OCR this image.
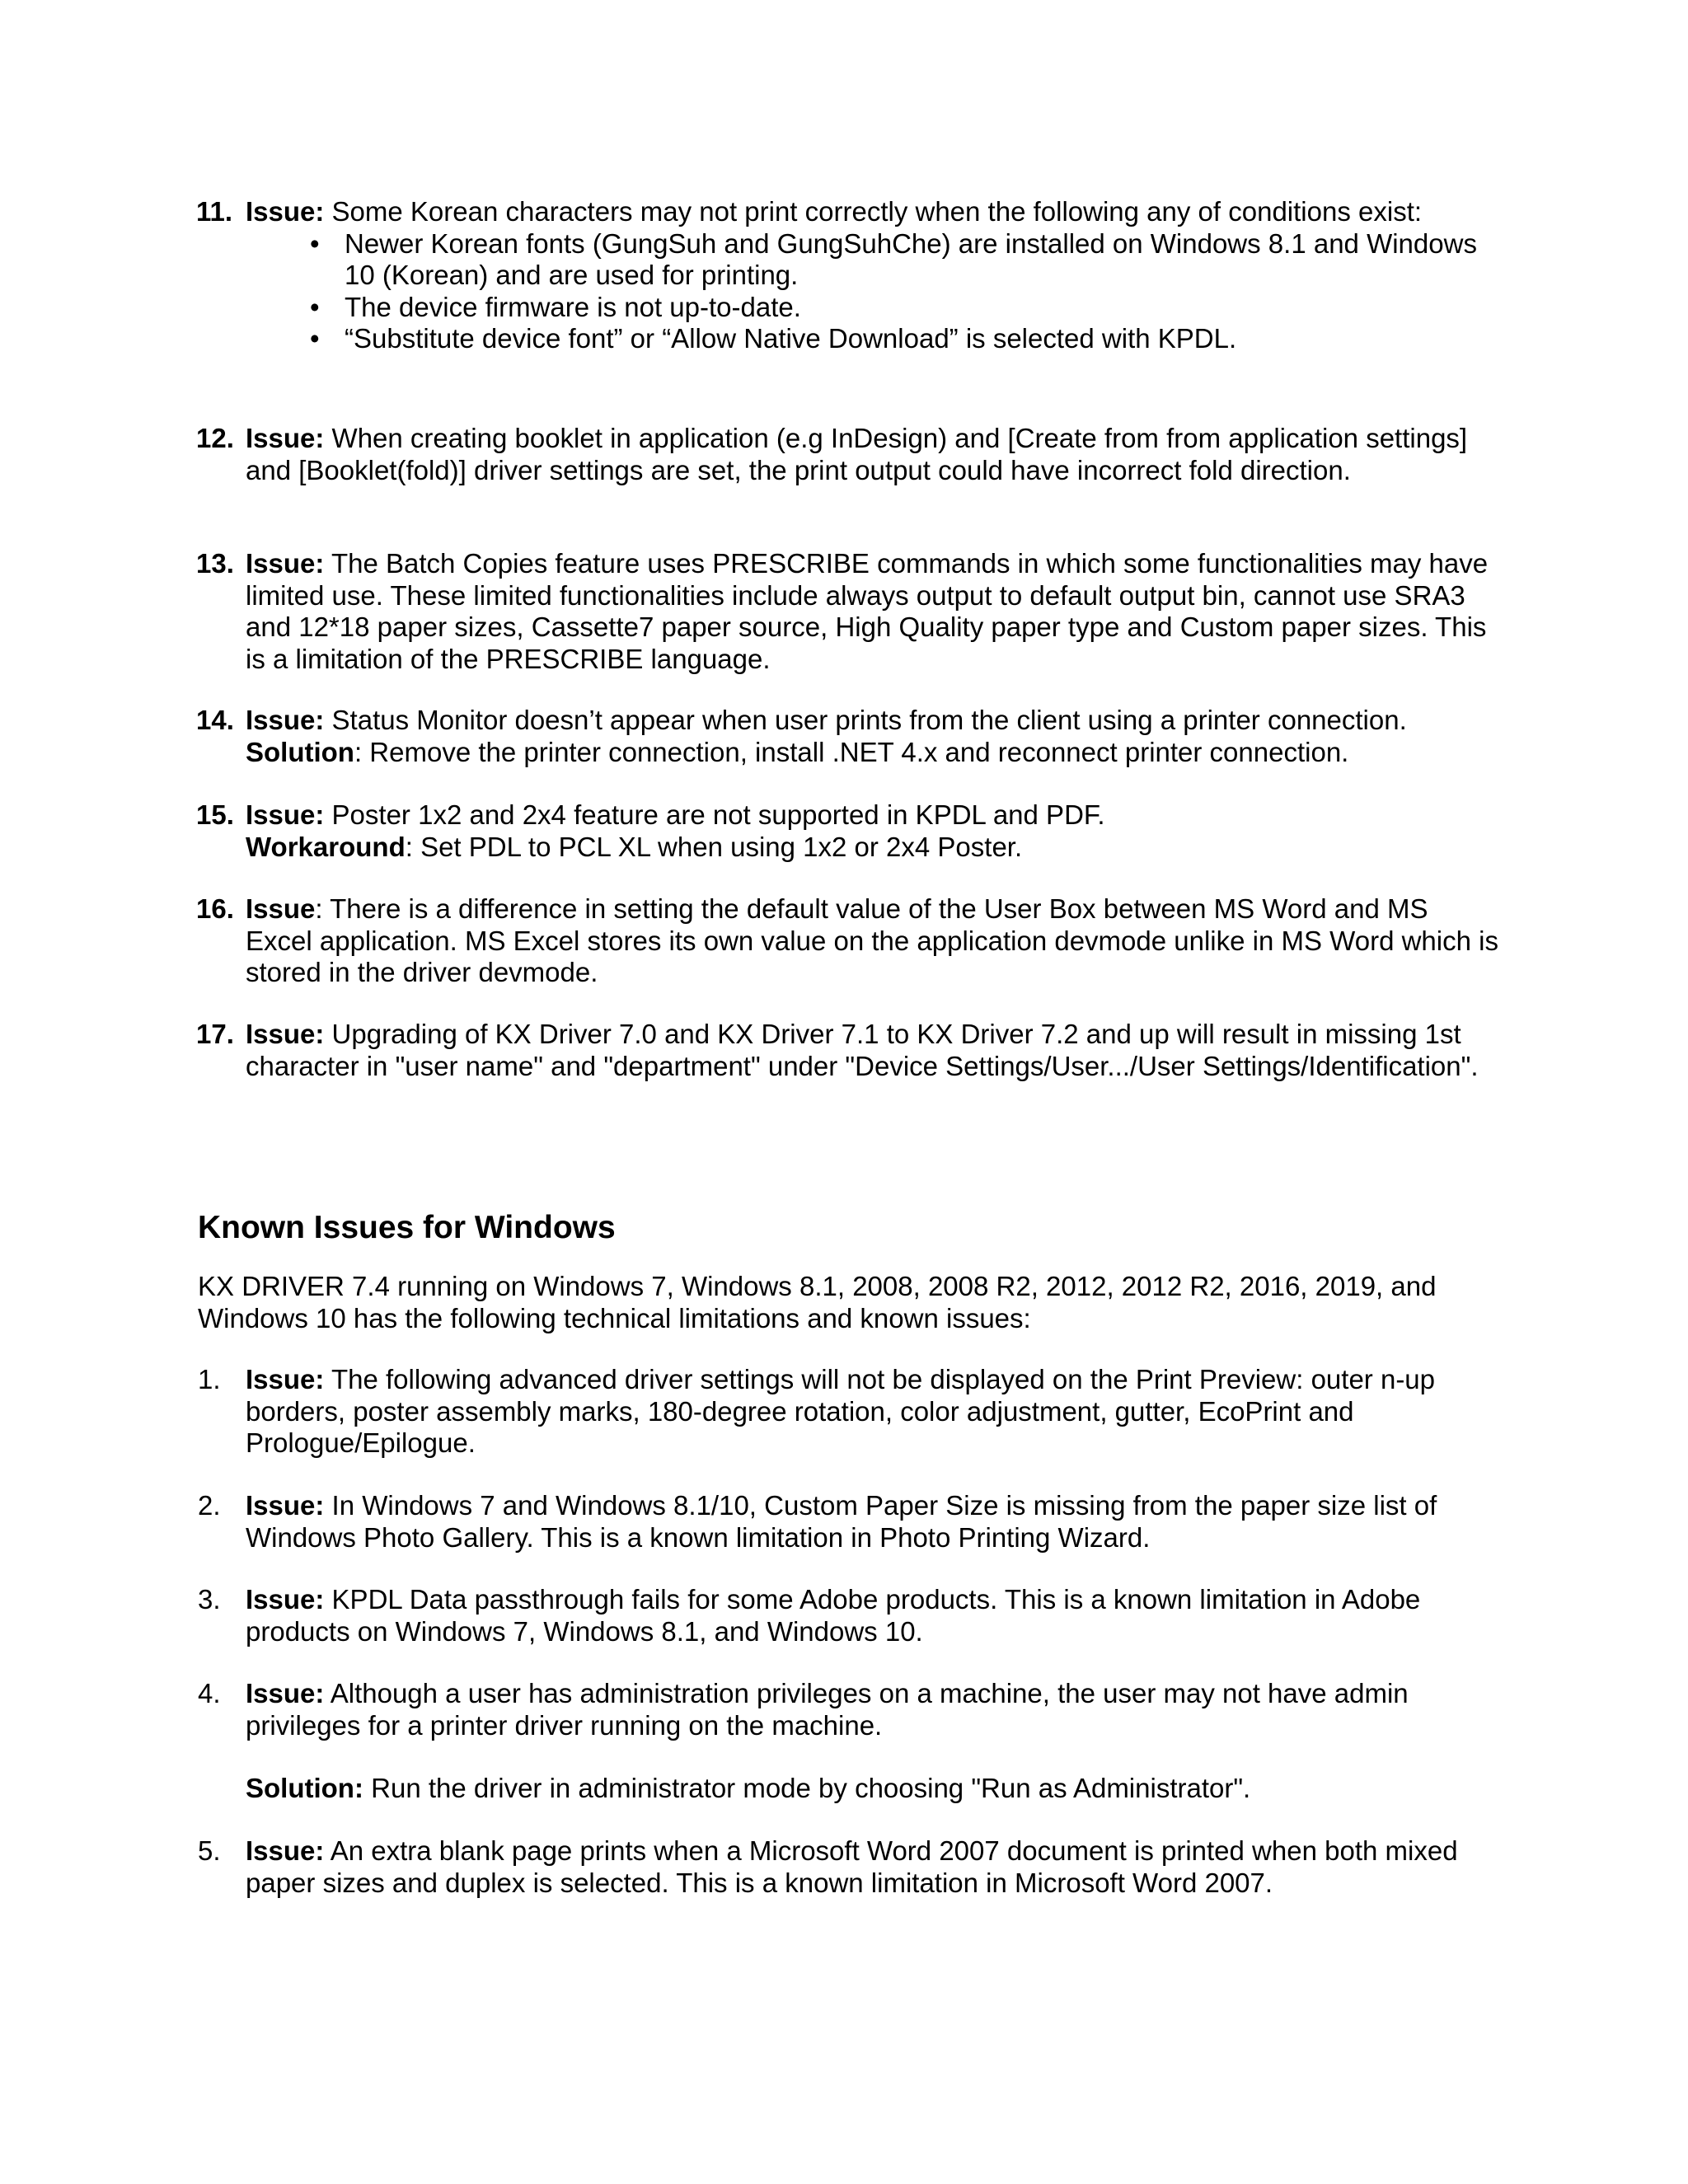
11. Issue: Some Korean characters may not print correctly when the following any of conditions exist:
• Newer Korean fonts (GungSuh and GungSuhChe) are installed on Windows 8.1 and Windows 10 (Korean) and are used for printing.
• The device firmware is not up-to-date.
• “Substitute device font” or “Allow Native Download” is selected with KPDL.
12. Issue: When creating booklet in application (e.g InDesign) and [Create from from application settings] and [Booklet(fold)] driver settings are set, the print output could have incorrect fold direction.
13. Issue: The Batch Copies feature uses PRESCRIBE commands in which some functionalities may have limited use. These limited functionalities include always output to default output bin, cannot use SRA3 and 12*18 paper sizes, Cassette7 paper source, High Quality paper type and Custom paper sizes. This is a limitation of the PRESCRIBE language.
14. Issue: Status Monitor doesn’t appear when user prints from the client using a printer connection.
Solution: Remove the printer connection, install .NET 4.x and reconnect printer connection.
15. Issue: Poster 1x2 and 2x4 feature are not supported in KPDL and PDF.
Workaround: Set PDL to PCL XL when using 1x2 or 2x4 Poster.
16. Issue: There is a difference in setting the default value of the User Box between MS Word and MS Excel application. MS Excel stores its own value on the application devmode unlike in MS Word which is stored in the driver devmode.
17. Issue: Upgrading of KX Driver 7.0 and KX Driver 7.1 to KX Driver 7.2 and up will result in missing 1st character in "user name" and "department" under "Device Settings/User.../User Settings/Identification".
Known Issues for Windows
KX DRIVER 7.4 running on Windows 7, Windows 8.1, 2008, 2008 R2, 2012, 2012 R2, 2016, 2019, and Windows 10 has the following technical limitations and known issues:
1. Issue: The following advanced driver settings will not be displayed on the Print Preview: outer n-up borders, poster assembly marks, 180-degree rotation, color adjustment, gutter, EcoPrint and Prologue/Epilogue.
2. Issue: In Windows 7 and Windows 8.1/10, Custom Paper Size is missing from the paper size list of Windows Photo Gallery. This is a known limitation in Photo Printing Wizard.
3. Issue: KPDL Data passthrough fails for some Adobe products. This is a known limitation in Adobe products on Windows 7, Windows 8.1, and Windows 10.
4. Issue: Although a user has administration privileges on a machine, the user may not have admin privileges for a printer driver running on the machine.
Solution: Run the driver in administrator mode by choosing "Run as Administrator".
5. Issue: An extra blank page prints when a Microsoft Word 2007 document is printed when both mixed paper sizes and duplex is selected. This is a known limitation in Microsoft Word 2007.
